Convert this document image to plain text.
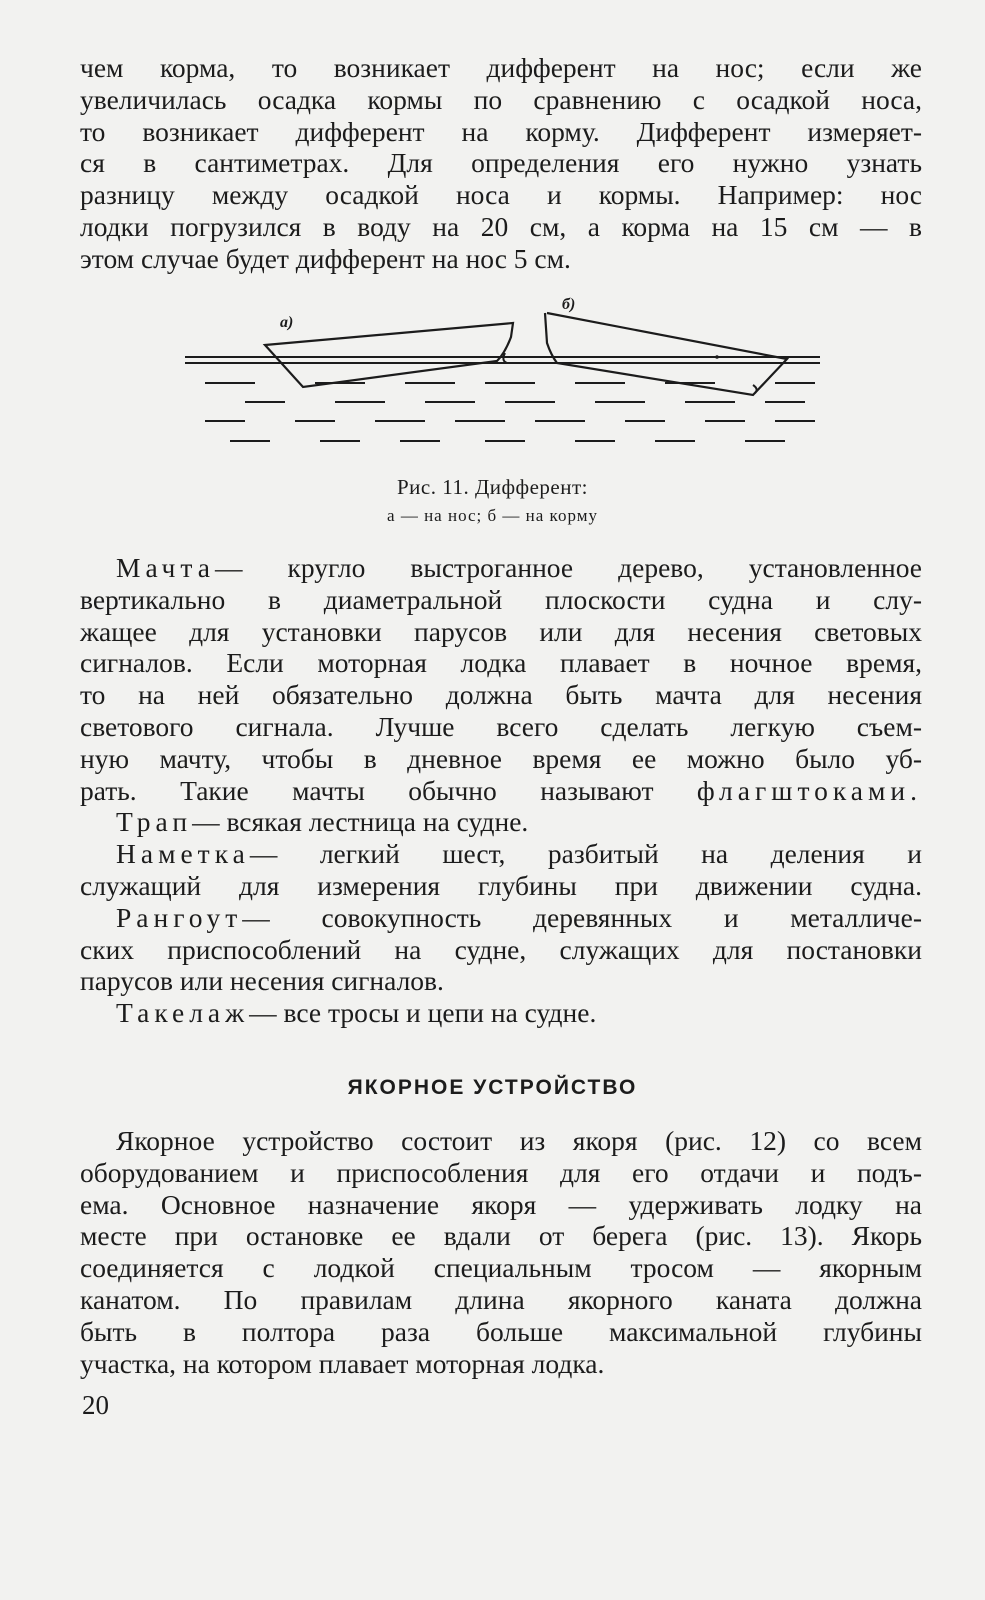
чем корма, то возникает дифферент на нос; если же
увеличилась осадка кормы по сравнению с осадкой носа,
то возникает дифферент на корму. Дифферент измеряет-
ся в сантиметрах. Для определения его нужно узнать
разницу между осадкой носа и кормы. Например: нос
лодки погрузился в воду на 20 см, а корма на 15 см — в
этом случае будет дифферент на нос 5 см.
а)
б)

Рис. 11. Дифферент:

а — на нос; б — на корму

Мачта— кругло выстроганное дерево, установленное
вертикально в диаметральной плоскости судна и слу-
жащее для установки парусов или для несения световых
сигналов. Если моторная лодка плавает в ночное время,
то на ней обязательно должна быть мачта для несения
светового сигнала. Лучше всего сделать легкую съем-
ную мачту, чтобы в дневное время ее можно было уб-
рать. Такие мачты обычно называют флагштоками.
Трап— всякая лестница на судне.
Наметка— легкий шест, разбитый на деления и
служащий для измерения глубины при движении судна.
Рангоут— совокупность деревянных и металличе-
ских приспособлений на судне, служащих для постановки
парусов или несения сигналов.
Такелаж— все тросы и цепи на судне.
ЯКОРНОЕ УСТРОЙСТВО
Якорное устройство состоит из якоря (рис. 12) со всем
оборудованием и приспособления для его отдачи и подъ-
ема. Основное назначение якоря — удерживать лодку на
месте при остановке ее вдали от берега (рис. 13). Якорь
соединяется с лодкой специальным тросом — якорным
канатом. По правилам длина якорного каната должна
быть в полтора раза больше максимальной глубины
участка, на котором плавает моторная лодка.

20
